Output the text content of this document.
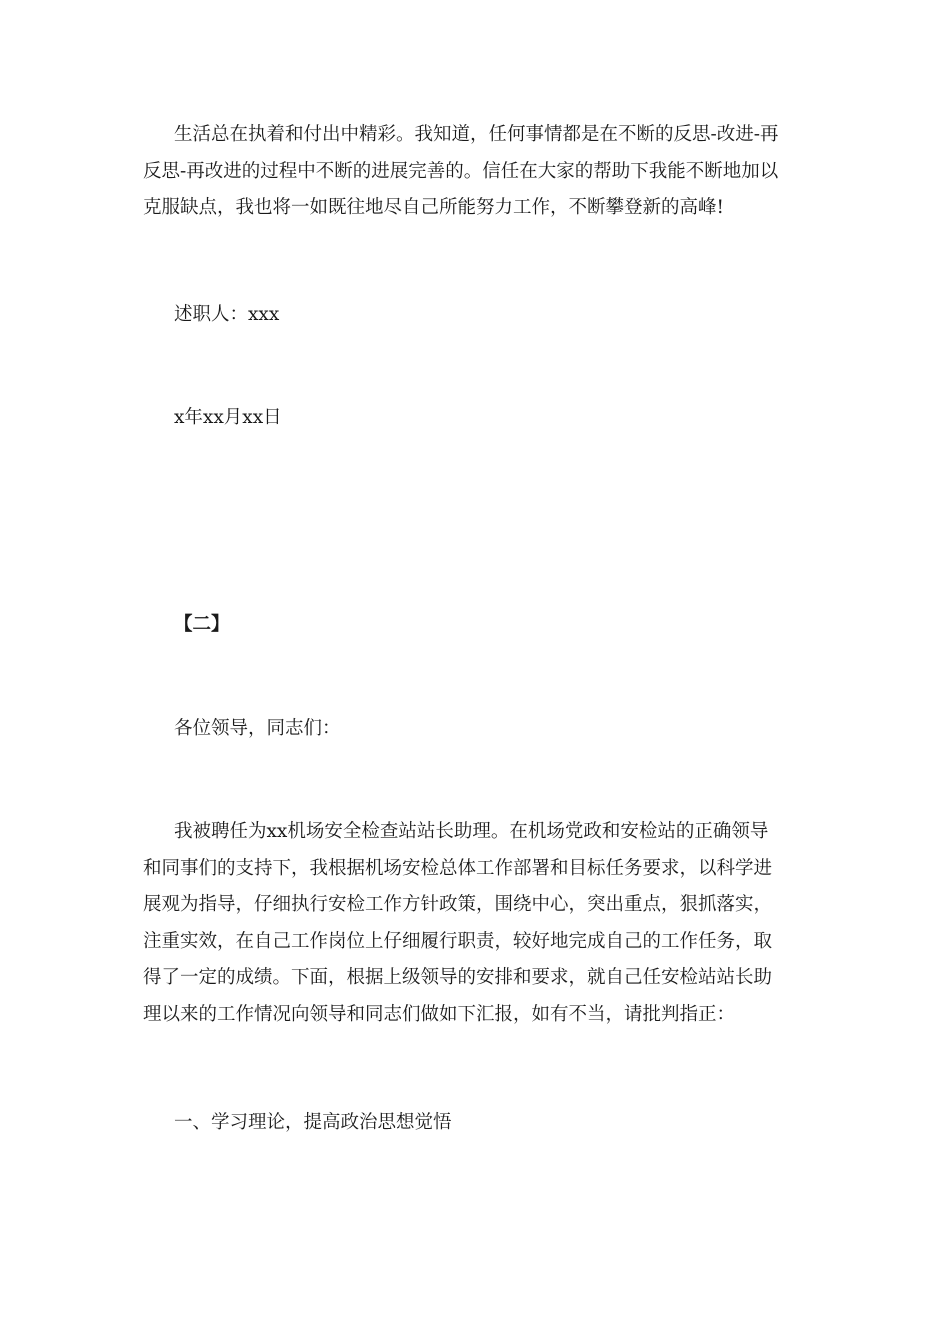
生活总在执着和付出中精彩。我知道，任何事情都是在不断的反思-改进-再
反思-再改进的过程中不断的进展完善的。信任在大家的帮助下我能不断地加以
克服缺点，我也将一如既往地尽自己所能努力工作，不断攀登新的高峰!

述职人：xxx

x年xx月xx日

【二】

各位领导，同志们：

我被聘任为xx机场安全检查站站长助理。在机场党政和安检站的正确领导
和同事们的支持下，我根据机场安检总体工作部署和目标任务要求，以科学进
展观为指导，仔细执行安检工作方针政策，围绕中心，突出重点，狠抓落实，
注重实效，在自己工作岗位上仔细履行职责，较好地完成自己的工作任务，取
得了一定的成绩。下面，根据上级领导的安排和要求，就自己任安检站站长助
理以来的工作情况向领导和同志们做如下汇报，如有不当，请批判指正：

一、学习理论，提高政治思想觉悟
